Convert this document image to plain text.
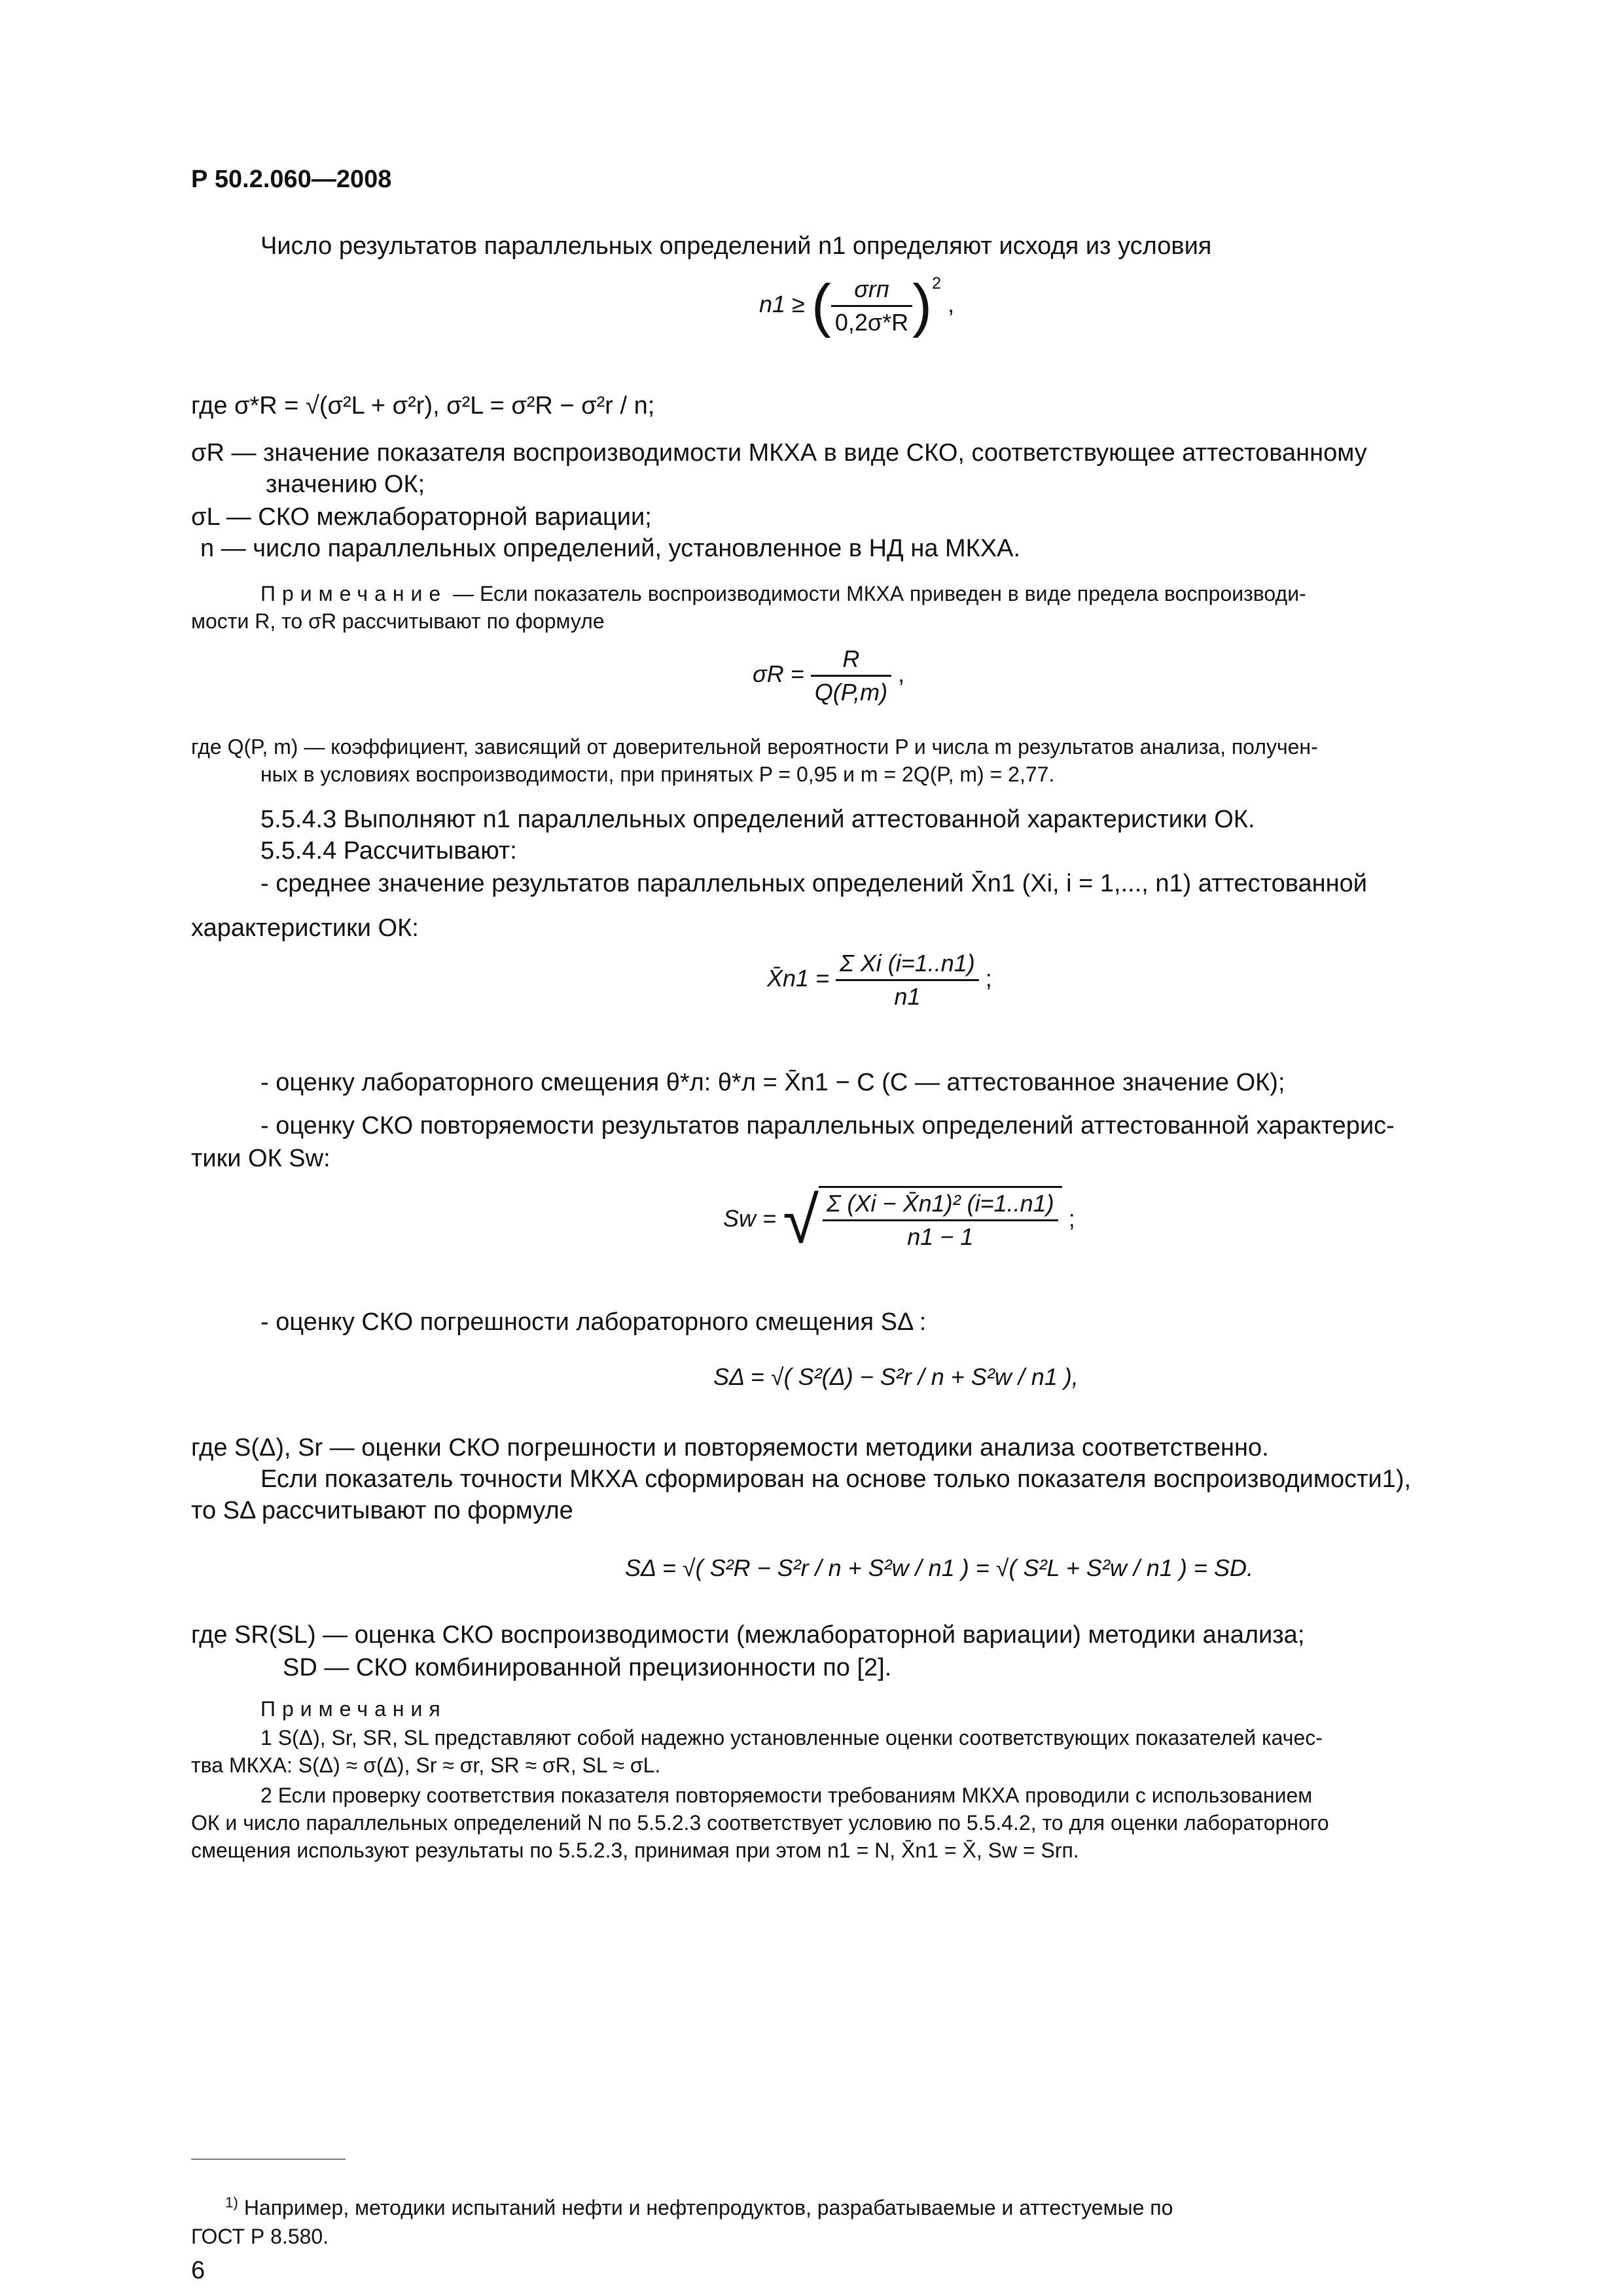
Р 50.2.060—2008
Число результатов параллельных определений n1 определяют исходя из условия
n1 ≥ ( $\frac{\text{σrп}}{0,2\sigma*R} )^2$ ,
где σ*R = √(σ²L + σ²r), σ²L = σ²R − σ²r / n;
σR — значение показателя воспроизводимости МКХА в виде СКО, соответствующее аттестованному
значению ОК;
σL — СКО межлабораторной вариации;
n — число параллельных определений, установленное в НД на МКХА.
Примечание — Если показатель воспроизводимости МКХА приведен в виде предела воспроизводи-
мости R, то σR рассчитывают по формуле
$\sigma R = \frac{R}{Q(P,m)}$ ,
где Q(P, m) — коэффициент, зависящий от доверительной вероятности P и числа m результатов анализа, получен-
ных в условиях воспроизводимости, при принятых P = 0,95 и m = 2Q(P, m) = 2,77.
5.5.4.3 Выполняют n1 параллельных определений аттестованной характеристики ОК.
5.5.4.4 Рассчитывают:
- среднее значение результатов параллельных определений X̄n1 (Xi, i = 1,..., n1) аттестованной
характеристики ОК:
X̄n1 = $\frac{\text{Σ Xi (i=1..n1)}}{n1}$ ;
- оценку лабораторного смещения θ*л: θ*л = X̄n1 − C (C — аттестованное значение ОК);
- оценку СКО повторяемости результатов параллельных определений аттестованной характерис-
тики ОК Sw:
Sw = √ $\frac{\text{Σ (Xi − X̄n1)² (i=1..n1)}}{n1 - 1}$ ;
- оценку СКО погрешности лабораторного смещения SΔ :
SΔ = √( S²(Δ) − S²r / n + S²w / n1 ),
где S(Δ), Sr — оценки СКО погрешности и повторяемости методики анализа соответственно.
Если показатель точности МКХА сформирован на основе только показателя воспроизводимости1),
то SΔ рассчитывают по формуле
SΔ = √( S²R − S²r / n + S²w / n1 ) = √( S²L + S²w / n1 ) = SD.
где SR(SL) — оценка СКО воспроизводимости (межлабораторной вариации) методики анализа;
SD — СКО комбинированной прецизионности по [2].
Примечания
1 S(Δ), Sr, SR, SL представляют собой надежно установленные оценки соответствующих показателей качес-
тва МКХА: S(Δ) ≈ σ(Δ), Sr ≈ σr, SR ≈ σR, SL ≈ σL.
2 Если проверку соответствия показателя повторяемости требованиям МКХА проводили с использованием
ОК и число параллельных определений N по 5.5.2.3 соответствует условию по 5.5.4.2, то для оценки лабораторного
смещения используют результаты по 5.5.2.3, принимая при этом n1 = N, X̄n1 = X̄, Sw = Srп.
$^{1)}$ Например, методики испытаний нефти и нефтепродуктов, разрабатываемые и аттестуемые по
ГОСТ Р 8.580.
6
